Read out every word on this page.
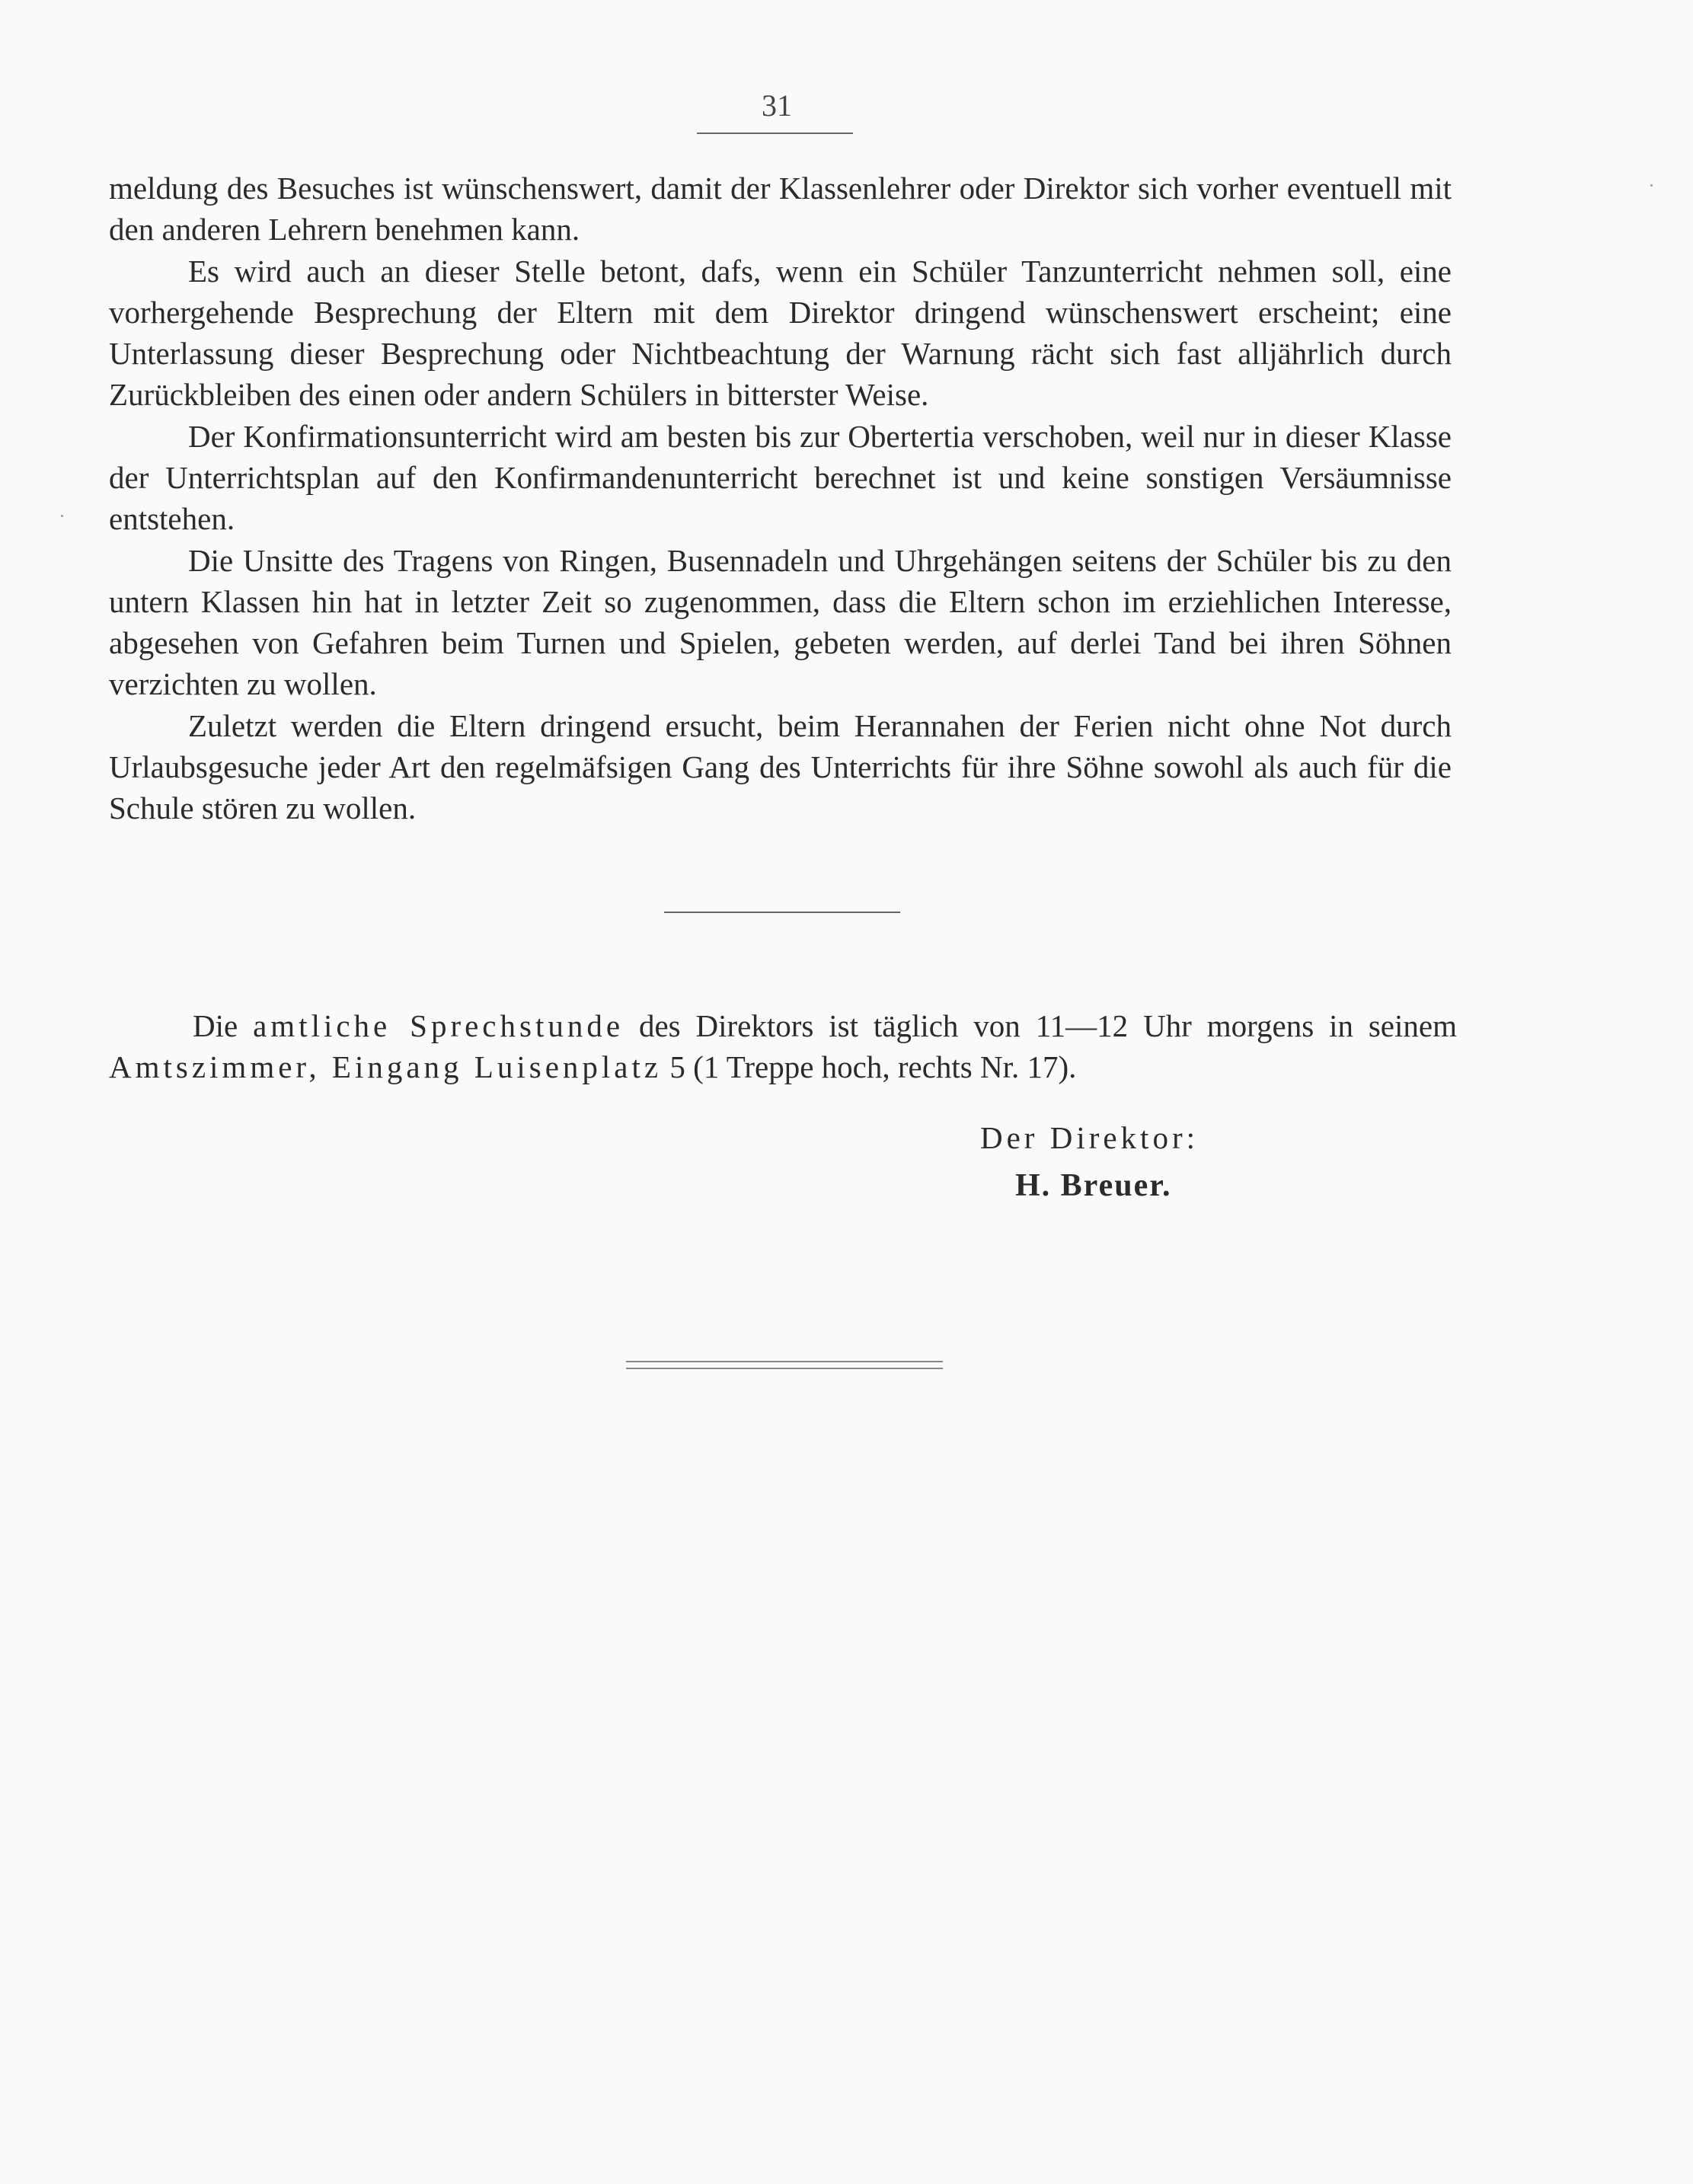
31

meldung des Besuches ist wünschenswert, damit der Klassenlehrer oder Direktor sich vorher eventuell mit den anderen Lehrern benehmen kann.

Es wird auch an dieser Stelle betont, dafs, wenn ein Schüler Tanzunterricht nehmen soll, eine vorhergehende Besprechung der Eltern mit dem Direktor dringend wünschenswert erscheint; eine Unterlassung dieser Besprechung oder Nichtbeachtung der Warnung rächt sich fast alljährlich durch Zurückbleiben des einen oder andern Schülers in bitterster Weise.

Der Konfirmationsunterricht wird am besten bis zur Obertertia verschoben, weil nur in dieser Klasse der Unterrichtsplan auf den Konfirmandenunterricht berechnet ist und keine sonstigen Versäumnisse entstehen.

Die Unsitte des Tragens von Ringen, Busennadeln und Uhrgehängen seitens der Schüler bis zu den untern Klassen hin hat in letzter Zeit so zugenommen, dass die Eltern schon im erziehlichen Interesse, abgesehen von Gefahren beim Turnen und Spielen, gebeten werden, auf derlei Tand bei ihren Söhnen verzichten zu wollen.

Zuletzt werden die Eltern dringend ersucht, beim Herannahen der Ferien nicht ohne Not durch Urlaubsgesuche jeder Art den regelmäfsigen Gang des Unterrichts für ihre Söhne sowohl als auch für die Schule stören zu wollen.

Die amtliche Sprechstunde des Direktors ist täglich von 11—12 Uhr morgens in seinem Amtszimmer, Eingang Luisenplatz 5 (1 Treppe hoch, rechts Nr. 17).

Der Direktor:
H. Breuer.
